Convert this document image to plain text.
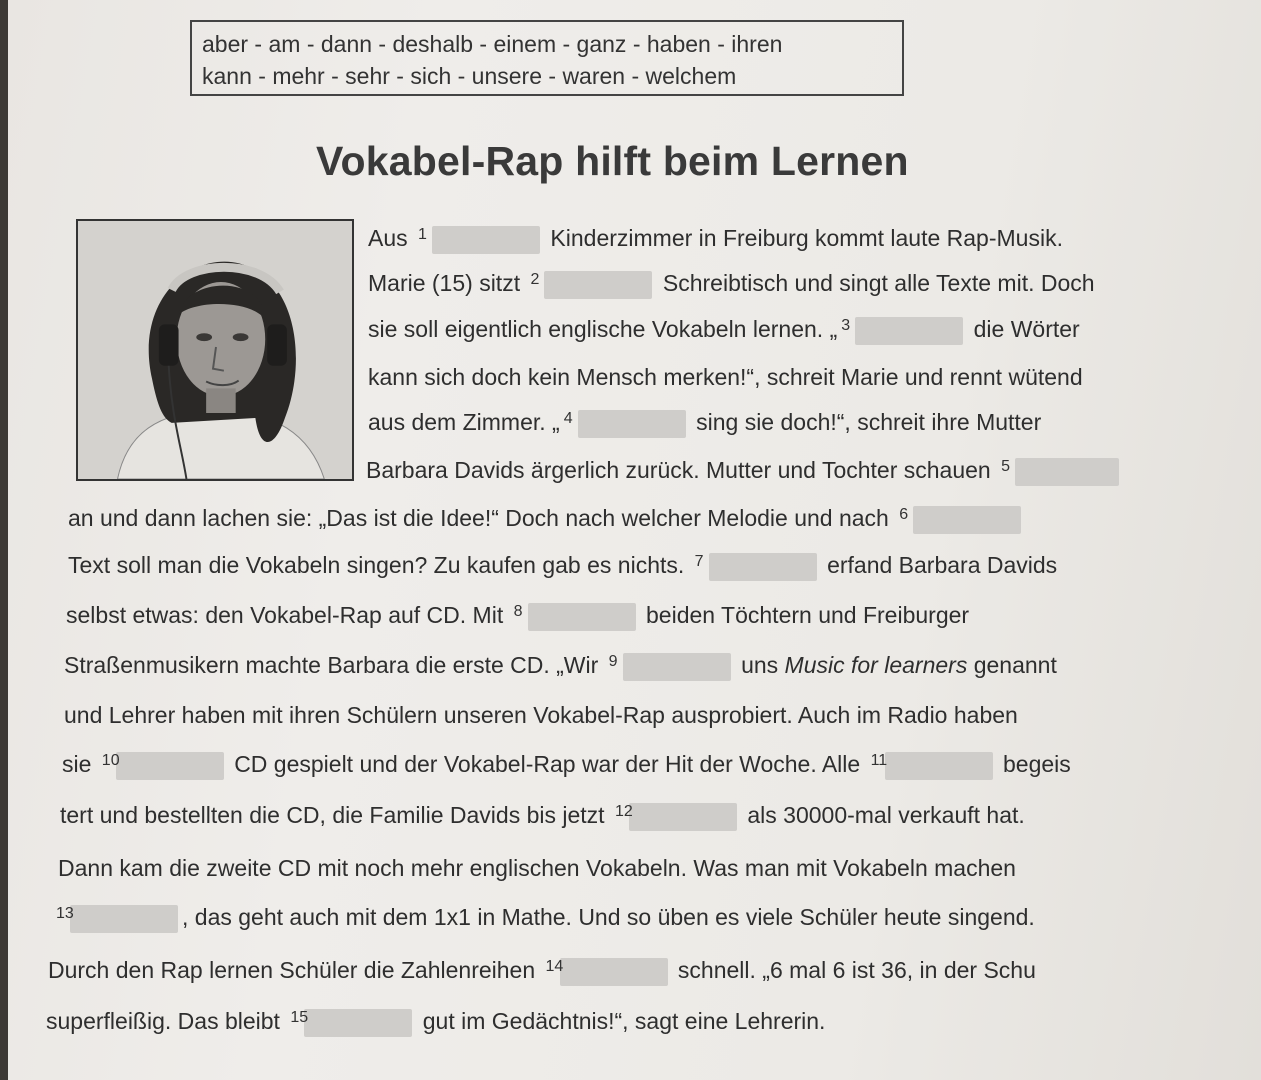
aber - am - dann - deshalb - einem - ganz - haben - ihren
kann - mehr - sehr - sich - unsere - waren - welchem
Vokabel-Rap hilft beim Lernen
Aus 1	Kinderzimmer in Freiburg kommt laute Rap-Musik.
Marie (15) sitzt 2	Schreibtisch und singt alle Texte mit. Doch
sie soll eigentlich englische Vokabeln lernen. „ 3	die Wörter
kann sich doch kein Mensch merken!“, schreit Marie und rennt wütend
aus dem Zimmer. „ 4	sing sie doch!“, schreit ihre Mutter
Barbara Davids ärgerlich zurück. Mutter und Tochter schauen 5
an und dann lachen sie: „Das ist die Idee!“ Doch nach welcher Melodie und nach 6
Text soll man die Vokabeln singen? Zu kaufen gab es nichts. 7	erfand Barbara Davids
selbst etwas: den Vokabel-Rap auf CD. Mit 8	beiden Töchtern und Freiburger
Straßenmusikern machte Barbara die erste CD. „Wir 9	uns Music for learners genannt
und Lehrer haben mit ihren Schülern unseren Vokabel-Rap ausprobiert. Auch im Radio haben
sie 10	CD gespielt und der Vokabel-Rap war der Hit der Woche. Alle 11	begeis
tert und bestellten die CD, die Familie Davids bis jetzt 12	als 30000-mal verkauft hat.
Dann kam die zweite CD mit noch mehr englischen Vokabeln. Was man mit Vokabeln machen
13	, das geht auch mit dem 1x1 in Mathe. Und so üben es viele Schüler heute singend.
Durch den Rap lernen Schüler die Zahlenreihen 14	schnell. „6 mal 6 ist 36, in der Schu
superfleißig. Das bleibt 15	gut im Gedächtnis!“, sagt eine Lehrerin.
